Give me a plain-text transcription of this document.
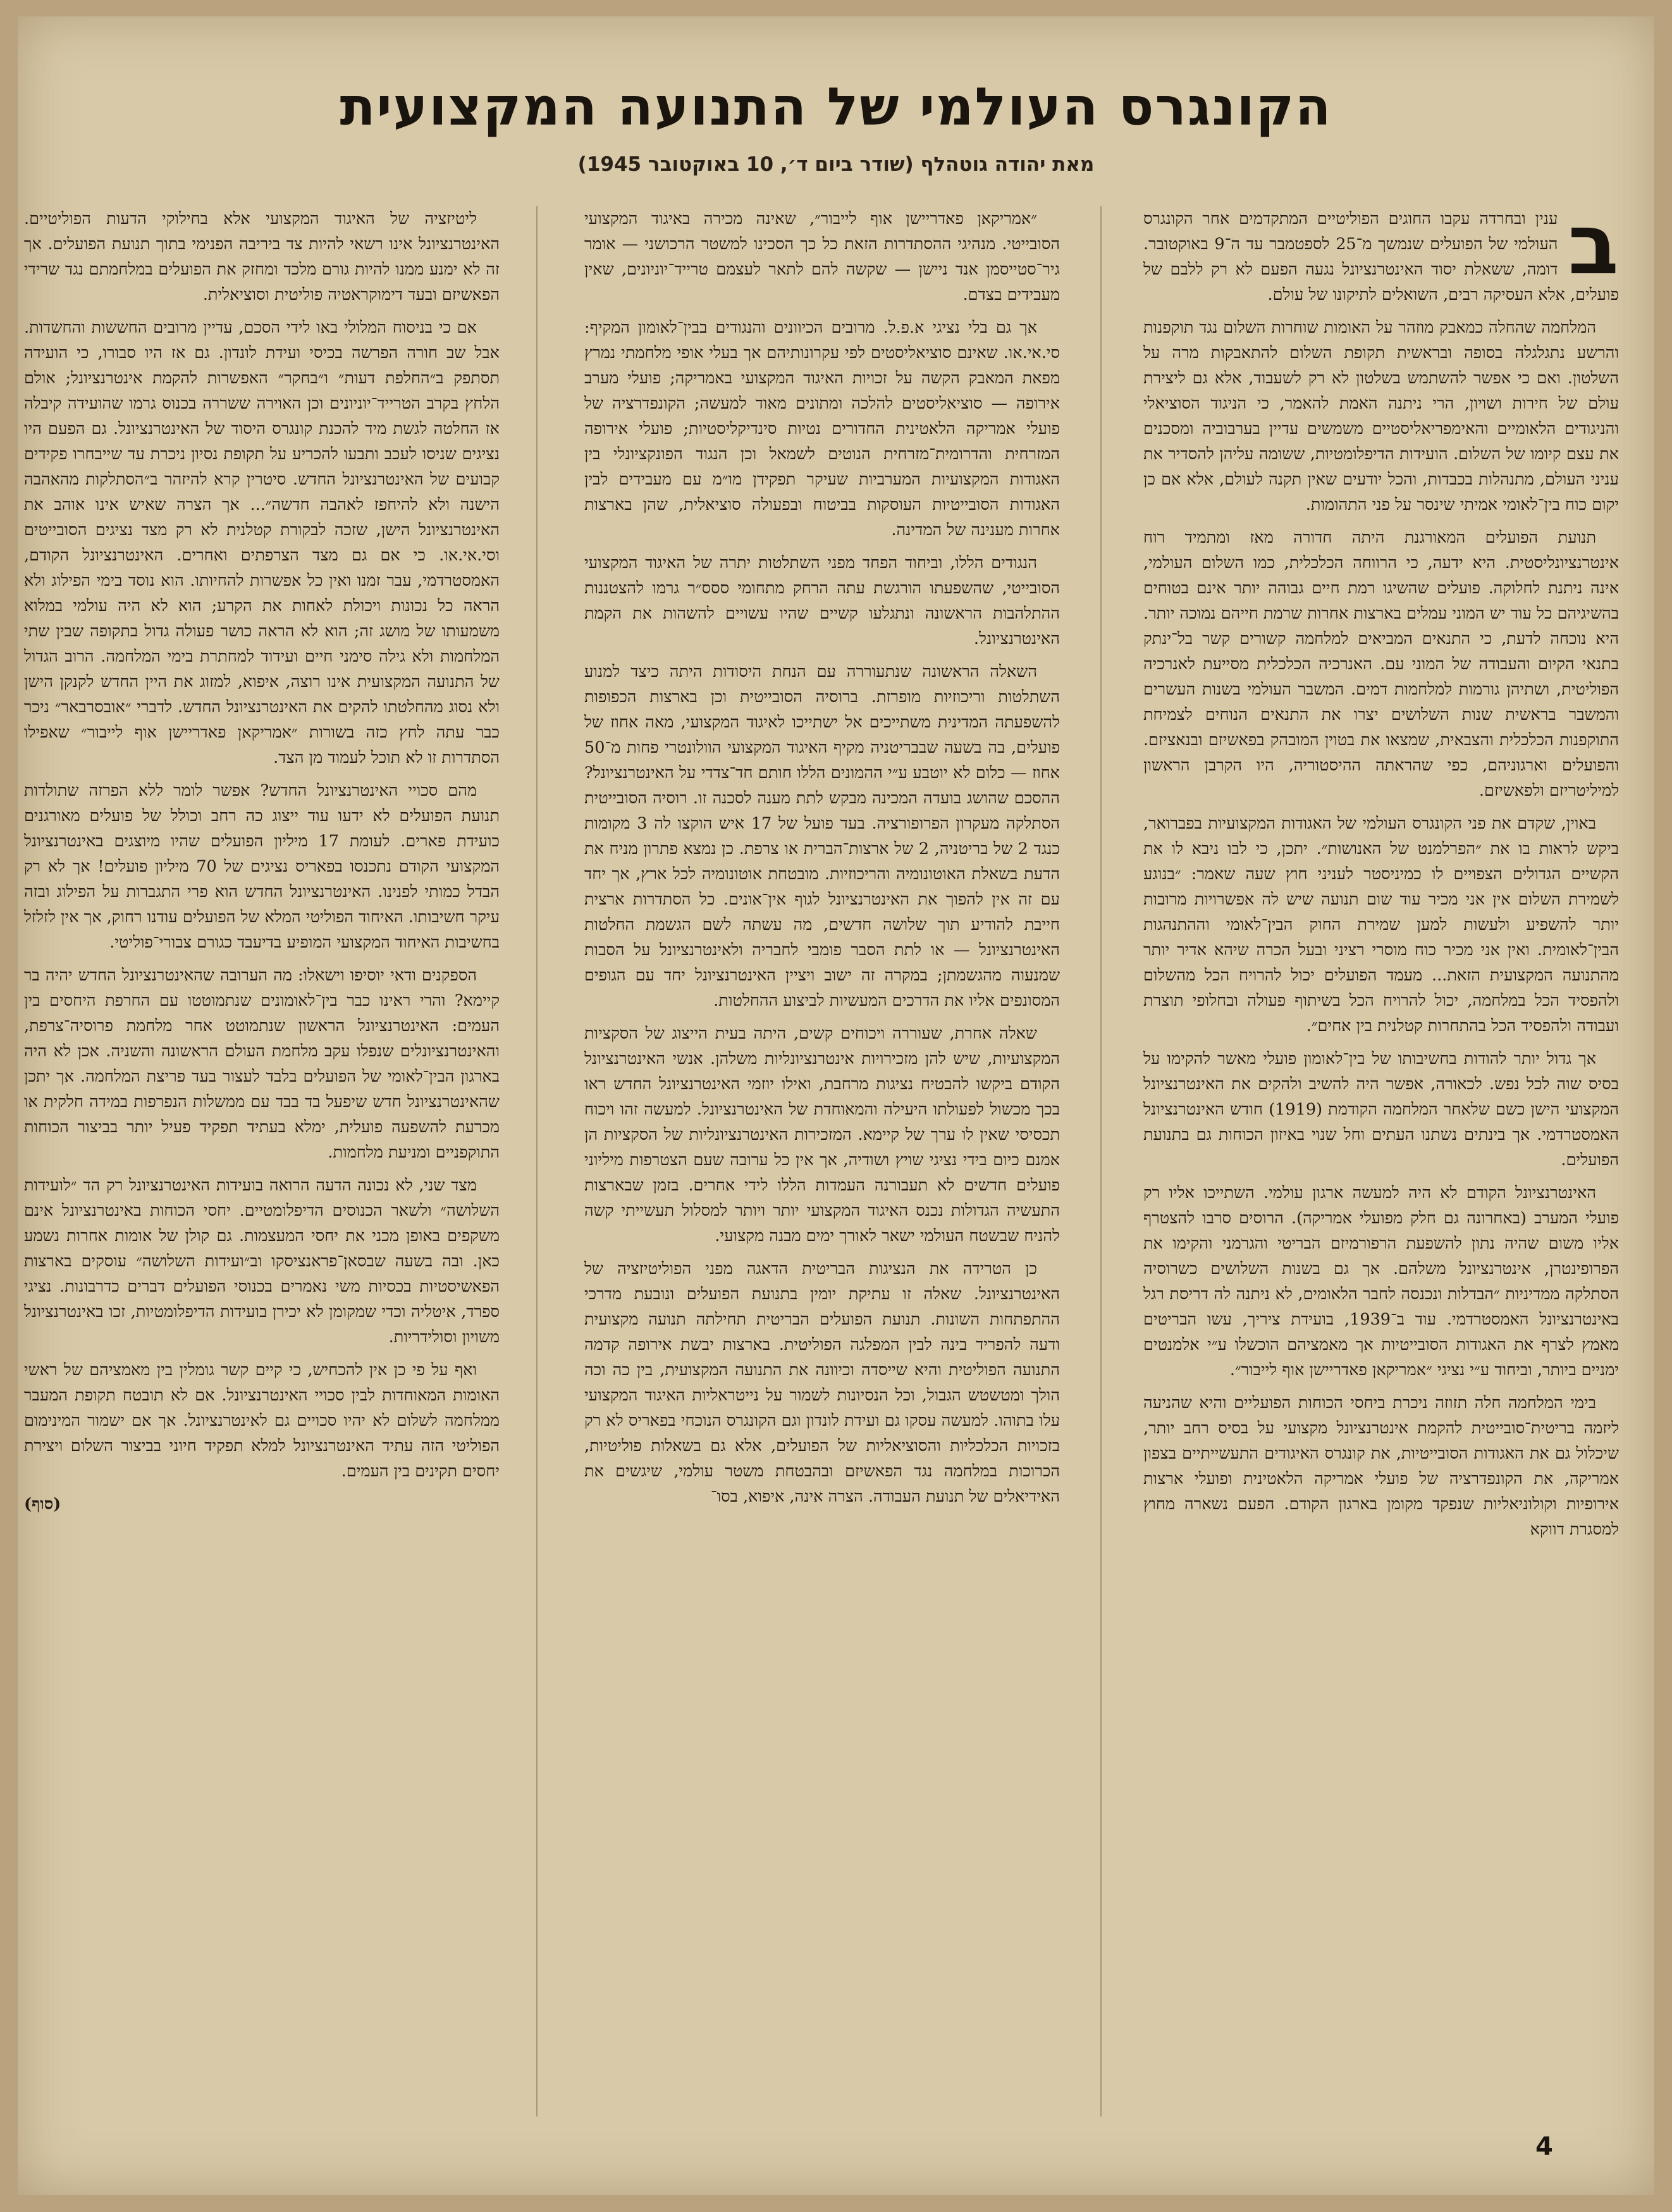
הקונגרס העולמי של התנועה המקצועית
מאת יהודה גוטהלף (שודר ביום ד׳, 10 באוקטובר 1945)

ב
ענין ובחרדה עקבו החוגים הפוליטיים המתקדמים אחר הקונגרס העולמי של הפועלים שנמשך מ־25 לספטמבר עד ה־9 באוקטובר. דומה, ששאלת יסוד האינטרנציונל נגעה הפעם לא רק ללבם של פועלים, אלא העסיקה רבים, השואלים לתיקונו של עולם.

המלחמה שהחלה כמאבק מוזהר על האומות שוחרות השלום נגד תוקפנות והרשע נתגלגלה בסופה ובראשית תקופת השלום להתאבקות מרה על השלטון. ואם כי אפשר להשתמש בשלטון לא רק לשעבוד, אלא גם ליצירת עולם של חירות ושויון, הרי ניתנה האמת להאמר, כי הניגוד הסוציאלי והניגודים הלאומיים והאימפריאליסטיים משמשים עדיין בערבוביה ומסכנים את עצם קיומו של השלום. הועידות הדיפלומטיות, ששומה עליהן להסדיר את עניני העולם, מתנהלות בכבדות, והכל יודעים שאין תקנה לעולם, אלא אם כן יקום כוח בין־לאומי אמיתי שינסר על פני התהומות.

תנועת הפועלים המאורגנת היתה חדורה מאז ומתמיד רוח אינטרנציונליסטית. היא ידעה, כי הרווחה הכלכלית, כמו השלום העולמי, אינה ניתנת לחלוקה. פועלים שהשיגו רמת חיים גבוהה יותר אינם בטוחים בהשיגיהם כל עוד יש המוני עמלים בארצות אחרות שרמת חייהם נמוכה יותר. היא נוכחה לדעת, כי התנאים המביאים למלחמה קשורים קשר בל־ינתק בתנאי הקיום והעבודה של המוני עם. האנרכיה הכלכלית מסייעת לאנרכיה הפוליטית, ושתיהן גורמות למלחמות דמים. המשבר העולמי בשנות העשרים והמשבר בראשית שנות השלושים יצרו את התנאים הנוחים לצמיחת התוקפנות הכלכלית והצבאית, שמצאו את בטוין המובהק בפאשיזם ובנאציזם. והפועלים וארגוניהם, כפי שהראתה ההיסטוריה, היו הקרבן הראשון למיליטריזם ולפאשיזם.

באוין, שקדם את פני הקונגרס העולמי של האגודות המקצועיות בפברואר, ביקש לראות בו את ״הפרלמנט של האנושות״. יתכן, כי לבו ניבא לו את הקשיים הגדולים הצפויים לו כמיניסטר לעניני חוץ שעה שאמר: ״בנוגע לשמירת השלום אין אני מכיר עוד שום תנועה שיש לה אפשרויות מרובות יותר להשפיע ולעשות למען שמירת החוק הבין־לאומי וההתנהגות הבין־לאומית. ואין אני מכיר כוח מוסרי רציני ובעל הכרה שיהא אדיר יותר מהתנועה המקצועית הזאת... מעמד הפועלים יכול להרויח הכל מהשלום ולהפסיד הכל במלחמה, יכול להרויח הכל בשיתוף פעולה ובחלופי תוצרת ועבודה ולהפסיד הכל בהתחרות קטלנית בין אחים״.

אך גדול יותר להודות בחשיבותו של בין־לאומון פועלי מאשר להקימו על בסיס שוה לכל נפש. לכאורה, אפשר היה להשיב ולהקים את האינטרנציונל המקצועי הישן כשם שלאחר המלחמה הקודמת (1919) חודש האינטרנציונל האמסטרדמי. אך בינתים נשתנו העתים וחל שנוי באיזון הכוחות גם בתנועת הפועלים.

האינטרנציונל הקודם לא היה למעשה ארגון עולמי. השתייכו אליו רק פועלי המערב (באחרונה גם חלק מפועלי אמריקה). הרוסים סרבו להצטרף אליו משום שהיה נתון להשפעת הרפורמיזם הבריטי והגרמני והקימו את הפרופינטרן, אינטרנציונל משלהם. אך גם בשנות השלושים כשרוסיה הסתלקה ממדיניות ״הבדלות ונכנסה לחבר הלאומים, לא ניתנה לה דריסת רגל באינטרנציונל האמסטרדמי. עוד ב־1939, בועידת ציריך, עשו הבריטים מאמץ לצרף את האגודות הסובייטיות אך מאמציהם הוכשלו ע״י אלמנטים ימניים ביותר, וביחוד ע״י נציגי ״אמריקאן פאדריישן אוף לייבור״.

בימי המלחמה חלה תזוזה ניכרת ביחסי הכוחות הפועליים והיא שהניעה ליזמה בריטית־סובייטית להקמת אינטרנציונל מקצועי על בסיס רחב יותר, שיכלול גם את האגודות הסובייטיות, את קונגרס האיגודים התעשייתיים בצפון אמריקה, את הקונפדרציה של פועלי אמריקה הלאטינית ופועלי ארצות אירופיות וקולוניאליות שנפקד מקומן בארגון הקודם. הפעם נשארה מחוץ למסגרת דווקא

״אמריקאן פאדריישן אוף לייבור״, שאינה מכירה באיגוד המקצועי הסובייטי. מנהיגי ההסתדרות הזאת כל כך הסכינו למשטר הרכושני — אומר גיר־סטייסמן אנד ניישן — שקשה להם לתאר לעצמם טרייד־יוניונים, שאין מעבידים בצדם.

אך גם בלי נציגי א.פ.ל. מרובים הכיוונים והנגודים בבין־לאומון המקיף: סי.אי.או. שאינם סוציאליסטים לפי עקרונותיהם אך בעלי אופי מלחמתי נמרץ מפאת המאבק הקשה על זכויות האיגוד המקצועי באמריקה; פועלי מערב אירופה — סוציאליסטים להלכה ומתונים מאוד למעשה; הקונפדרציה של פועלי אמריקה הלאטינית החדורים נטיות סינדיקליסטיות; פועלי אירופה המזרחית והדרומית־מזרחית הנוטים לשמאל וכן הנגוד הפונקציונלי בין האגודות המקצועיות המערביות שעיקר תפקידן מו״מ עם מעבידים לבין האגודות הסובייטיות העוסקות בביטוח ובפעולה סוציאלית, שהן בארצות אחרות מענינה של המדינה.

הנגודים הללו, וביחוד הפחד מפני השתלטות יתרה של האיגוד המקצועי הסובייטי, שהשפעתו הורגשת עתה הרחק מתחומי ססס״ר גרמו להצטננות ההתלהבות הראשונה ונתגלעו קשיים שהיו עשויים להשהות את הקמת האינטרנציונל.

השאלה הראשונה שנתעוררה עם הנחת היסודות היתה כיצד למנוע השתלטות וריכוזיות מופרזת. ברוסיה הסובייטית וכן בארצות הכפופות להשפעתה המדינית משתייכים אל ישתייכו לאיגוד המקצועי, מאה אחוז של פועלים, בה בשעה שבבריטניה מקיף האיגוד המקצועי הוולונטרי פחות מ־50 אחוז — כלום לא יוטבע ע״י ההמונים הללו חותם חד־צדדי על האינטרנציונל? ההסכם שהושג בועדה המכינה מבקש לתת מענה לסכנה זו. רוסיה הסובייטית הסתלקה מעקרון הפרופורציה. בעד פועל של 17 איש הוקצו לה 3 מקומות כנגד 2 של בריטניה, 2 של ארצות־הברית או צרפת. כן נמצא פתרון מניח את הדעת בשאלת האוטונומיה והריכוזיות. מובטחת אוטונומיה לכל ארץ, אך יחד עם זה אין להפוך את האינטרנציונל לגוף אין־אונים. כל הסתדרות ארצית חייבת להודיע תוך שלושה חדשים, מה עשתה לשם הגשמת החלטות האינטרנציונל — או לתת הסבר פומבי לחבריה ולאינטרנציונל על הסבות שמנעוה מהגשמתן; במקרה זה ישוב ויציין האינטרנציונל יחד עם הגופים המסונפים אליו את הדרכים המעשיות לביצוע ההחלטות.

שאלה אחרת, שעוררה ויכוחים קשים, היתה בעית הייצוג של הסקציות המקצועיות, שיש להן מזכירויות אינטרנציונליות משלהן. אנשי האינטרנציונל הקודם ביקשו להבטיח נציגות מרחבת, ואילו יוזמי האינטרנציונל החדש ראו בכך מכשול לפעולתו היעילה והמאוחדת של האינטרנציונל. למעשה זהו ויכוח תכסיסי שאין לו ערך של קיימא. המזכירות האינטרנציונליות של הסקציות הן אמנם כיום בידי נציגי שויץ ושודיה, אך אין כל ערובה שעם הצטרפות מיליוני פועלים חדשים לא תעבורנה העמדות הללו לידי אחרים. בזמן שבארצות התעשיה הגדולות נכנס האיגוד המקצועי יותר ויותר למסלול תעשייתי קשה להניח שבשטח העולמי ישאר לאורך ימים מבנה מקצועי.

כן הטרידה את הנציגות הבריטית הדאגה מפני הפוליטיזציה של האינטרנציונל. שאלה זו עתיקת יומין בתנועת הפועלים ונובעת מדרכי ההתפתחות השונות. תנועת הפועלים הבריטית תחילתה תנועה מקצועית ודעה להפריד בינה לבין המפלגה הפוליטית. בארצות יבשת אירופה קדמה התנועה הפוליטית והיא שייסדה וכיוונה את התנועה המקצועית, בין כה וכה הולך ומטשטש הגבול, וכל הנסיונות לשמור על נייטראליות האיגוד המקצועי עלו בתוהו. למעשה עסקו גם ועידת לונדון וגם הקונגרס הנוכחי בפאריס לא רק בזכויות הכלכליות והסוציאליות של הפועלים, אלא גם בשאלות פוליטיות, הכרוכות במלחמה נגד הפאשיזם ובהבטחת משטר עולמי, שיגשים את האידיאלים של תנועת העבודה. הצרה אינה, איפוא, בסו־

ליטיזציה של האיגוד המקצועי אלא בחילוקי הדעות הפוליטיים. האינטרנציונל אינו רשאי להיות צד ביריבה הפנימי בתוך תנועת הפועלים. אך זה לא ימנע ממנו להיות גורם מלכד ומחזק את הפועלים במלחמתם נגד שרידי הפאשיזם ובעד דימוקראטיה פוליטית וסוציאלית.

אם כי בניסוח המלולי באו לידי הסכם, עדיין מרובים החששות והחשדות. אבל שב חורה הפרשה בכיסי ועידת לונדון. גם אז היו סבורו, כי הועידה תסתפק ב״החלפת דעות״ ו״בחקר״ האפשרות להקמת אינטרנציונל; אולם הלחץ בקרב הטרייד־יוניונים וכן האוירה ששררה בכנוס גרמו שהועידה קיבלה אז החלטה לגשת מיד להכנת קונגרס היסוד של האינטרנציונל. גם הפעם היו נציגים שניסו לעכב ותבעו להכריע על תקופת נסיון ניכרת עד שייבחרו פקידים קבועים של האינטרנציונל החדש. סיטרין קרא להיזהר ב״הסתלקות מהאהבה הישנה ולא להיחפז לאהבה חדשה״... אך הצרה שאיש אינו אוהב את האינטרנציונל הישן, שזכה לבקורת קטלנית לא רק מצד נציגים הסובייטים וסי.אי.או. כי אם גם מצד הצרפתים ואחרים. האינטרנציונל הקודם, האמסטרדמי, עבר זמנו ואין כל אפשרות להחיותו. הוא נוסד בימי הפילוג ולא הראה כל נכונות ויכולת לאחות את הקרע; הוא לא היה עולמי במלוא משמעותו של מושג זה; הוא לא הראה כושר פעולה גדול בתקופה שבין שתי המלחמות ולא גילה סימני חיים ועידוד למחתרת בימי המלחמה. הרוב הגדול של התנועה המקצועית אינו רוצה, איפוא, למזוג את היין החדש לקנקן הישן ולא נסוג מהחלטתו להקים את האינטרנציונל החדש. לדברי ״אובסרבאר״ ניכר כבר עתה לחץ כזה בשורות ״אמריקאן פאדריישן אוף לייבור״ שאפילו הסתדרות זו לא תוכל לעמוד מן הצד.

מהם סכויי האינטרנציונל החדש? אפשר לומר ללא הפרזה שתולדות תנועת הפועלים לא ידעו עוד ייצוג כה רחב וכולל של פועלים מאורגנים כועידת פארים. לעומת 17 מיליון הפועלים שהיו מיוצגים באינטרנציונל המקצועי הקודם נתכנסו בפאריס נציגים של 70 מיליון פועלים! אך לא רק הבדל כמותי לפנינו. האינטרנציונל החדש הוא פרי התגברות על הפילוג ובזה עיקר חשיבותו. האיחוד הפוליטי המלא של הפועלים עודנו רחוק, אך אין לזלזל בחשיבות האיחוד המקצועי המופיע בדיעבד כגורם צבורי־פוליטי.

הספקנים ודאי יוסיפו וישאלו: מה הערובה שהאינטרנציונל החדש יהיה בר קיימא? והרי ראינו כבר בין־לאומונים שנתמוטטו עם החרפת היחסים בין העמים: האינטרנציונל הראשון שנתמוטט אחר מלחמת פרוסיה־צרפת, והאינטרנציונלים שנפלו עקב מלחמת העולם הראשונה והשניה. אכן לא היה בארגון הבין־לאומי של הפועלים בלבד לעצור בעד פריצת המלחמה. אך יתכן שהאינטרנציונל חדש שיפעל בד בבד עם ממשלות הנפרפות במידה חלקית או מכרעת להשפעה פועלית, ימלא בעתיד תפקיד פעיל יותר בביצור הכוחות התוקפניים ומניעת מלחמות.

מצד שני, לא נכונה הדעה הרואה בועידות האינטרנציונל רק הד ״לועידות השלושה״ ולשאר הכנוסים הדיפלומטיים. יחסי הכוחות באינטרנציונל אינם משקפים באופן מכני את יחסי המעצמות. גם קולן של אומות אחרות נשמע כאן. ובה בשעה שבסאן־פראנציסקו וב״ועידות השלושה״ עוסקים בארצות הפאשיסטיות בכסיות משי נאמרים בכנוסי הפועלים דברים כדרבונות. נציגי ספרד, איטליה וכדי שמקומן לא יכירן בועידות הדיפלומטיות, זכו באינטרנציונל משויון וסולידריות.

ואף על פי כן אין להכחיש, כי קיים קשר גומלין בין מאמציהם של ראשי האומות המאוחדות לבין סכויי האינטרנציונל. אם לא תובטח תקופת המעבר ממלחמה לשלום לא יהיו סכויים גם לאינטרנציונל. אך אם ישמור המינימום הפוליטי הזה עתיד האינטרנציונל למלא תפקיד חיוני בביצור השלום ויצירת יחסים תקינים בין העמים.

(סוף)

4
